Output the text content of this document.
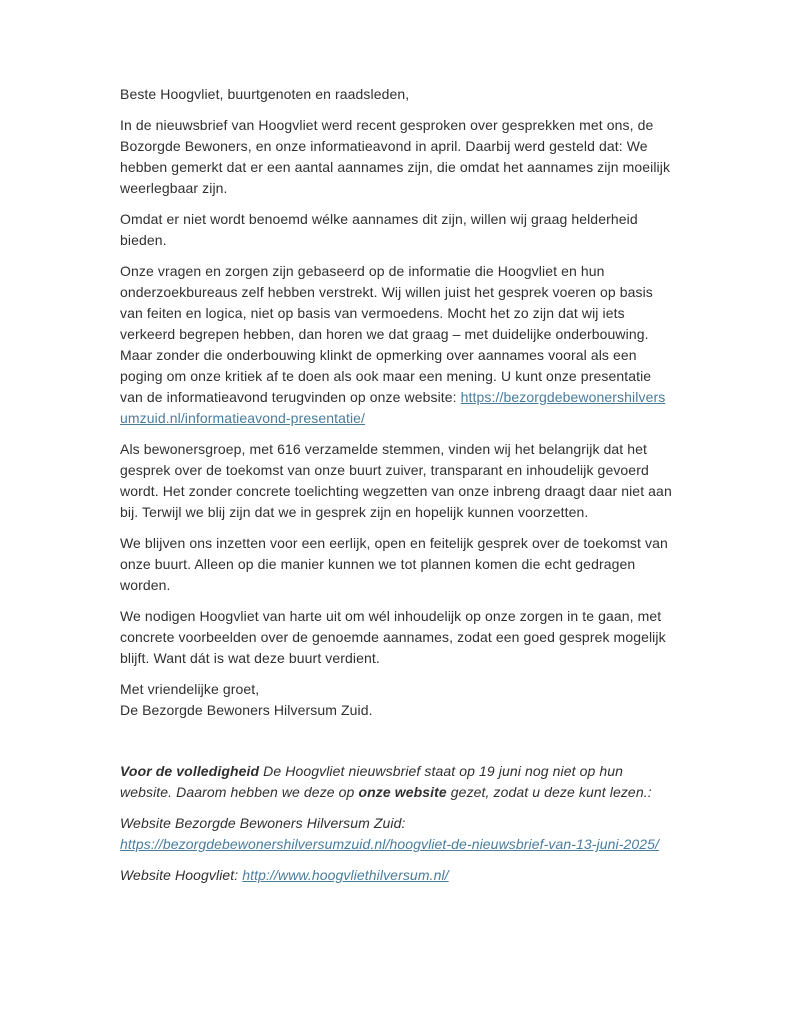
Beste Hoogvliet, buurtgenoten en raadsleden,

In de nieuwsbrief van Hoogvliet werd recent gesproken over gesprekken met ons, de Bozorgde Bewoners, en onze informatieavond in april. Daarbij werd gesteld dat: We hebben gemerkt dat er een aantal aannames zijn, die omdat het aannames zijn moeilijk weerlegbaar zijn.

Omdat er niet wordt benoemd wélke aannames dit zijn, willen wij graag helderheid bieden.

Onze vragen en zorgen zijn gebaseerd op de informatie die Hoogvliet en hun onderzoekbureaus zelf hebben verstrekt. Wij willen juist het gesprek voeren op basis van feiten en logica, niet op basis van vermoedens. Mocht het zo zijn dat wij iets verkeerd begrepen hebben, dan horen we dat graag – met duidelijke onderbouwing. Maar zonder die onderbouwing klinkt de opmerking over aannames vooral als een poging om onze kritiek af te doen als ook maar een mening. U kunt onze presentatie van de informatieavond terugvinden op onze website: https://bezorgdebewonershilversumzuid.nl/informatieavond-presentatie/

Als bewonersgroep, met 616 verzamelde stemmen, vinden wij het belangrijk dat het gesprek over de toekomst van onze buurt zuiver, transparant en inhoudelijk gevoerd wordt. Het zonder concrete toelichting wegzetten van onze inbreng draagt daar niet aan bij. Terwijl we blij zijn dat we in gesprek zijn en hopelijk kunnen voorzetten.

We blijven ons inzetten voor een eerlijk, open en feitelijk gesprek over de toekomst van onze buurt. Alleen op die manier kunnen we tot plannen komen die echt gedragen worden.

We nodigen Hoogvliet van harte uit om wél inhoudelijk op onze zorgen in te gaan, met concrete voorbeelden over de genoemde aannames, zodat een goed gesprek mogelijk blijft. Want dát is wat deze buurt verdient.

Met vriendelijke groet,
De Bezorgde Bewoners Hilversum Zuid.

Voor de volledigheid De Hoogvliet nieuwsbrief staat op 19 juni nog niet op hun website. Daarom hebben we deze op onze website gezet, zodat u deze kunt lezen.:

Website Bezorgde Bewoners Hilversum Zuid:
https://bezorgdebewonershilversumzuid.nl/hoogvliet-de-nieuwsbrief-van-13-juni-2025/

Website Hoogvliet: http://www.hoogvliethilversum.nl/
